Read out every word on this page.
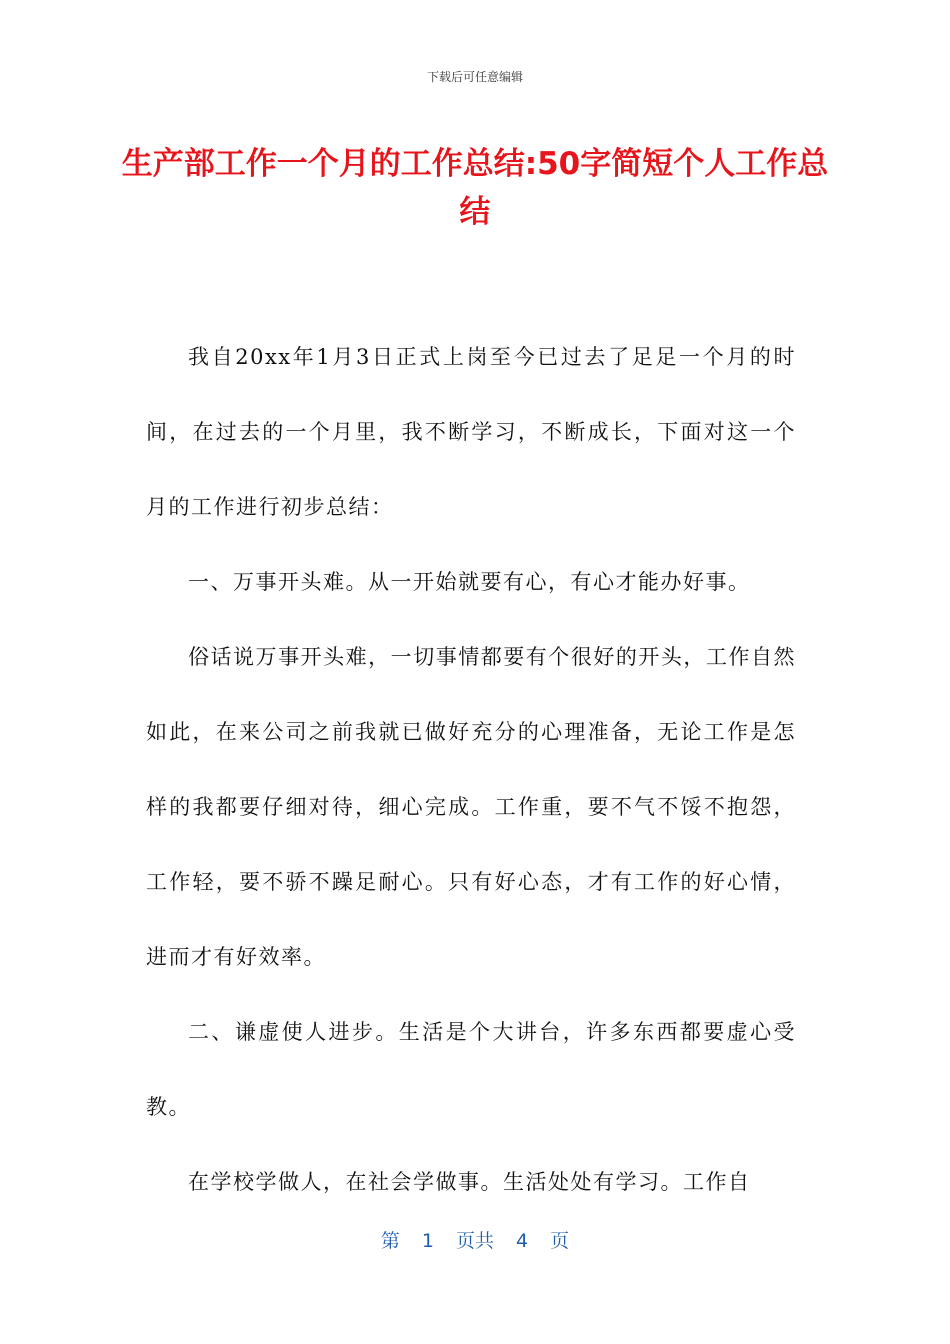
下载后可任意编辑
生产部工作一个月的工作总结:50字简短个人工作总结

我自20xx年1月3日正式上岗至今已过去了足足一个月的时间，在过去的一个月里，我不断学习，不断成长，下面对这一个月的工作进行初步总结：

一、万事开头难。从一开始就要有心，有心才能办好事。

俗话说万事开头难，一切事情都要有个很好的开头，工作自然如此，在来公司之前我就已做好充分的心理准备，无论工作是怎样的我都要仔细对待，细心完成。工作重，要不气不馁不抱怨，工作轻，要不骄不躁足耐心。只有好心态，才有工作的好心情，进而才有好效率。

二、谦虚使人进步。生活是个大讲台，许多东西都要虚心受教。

在学校学做人，在社会学做事。生活处处有学习。工作自

第 1 页共 4 页
